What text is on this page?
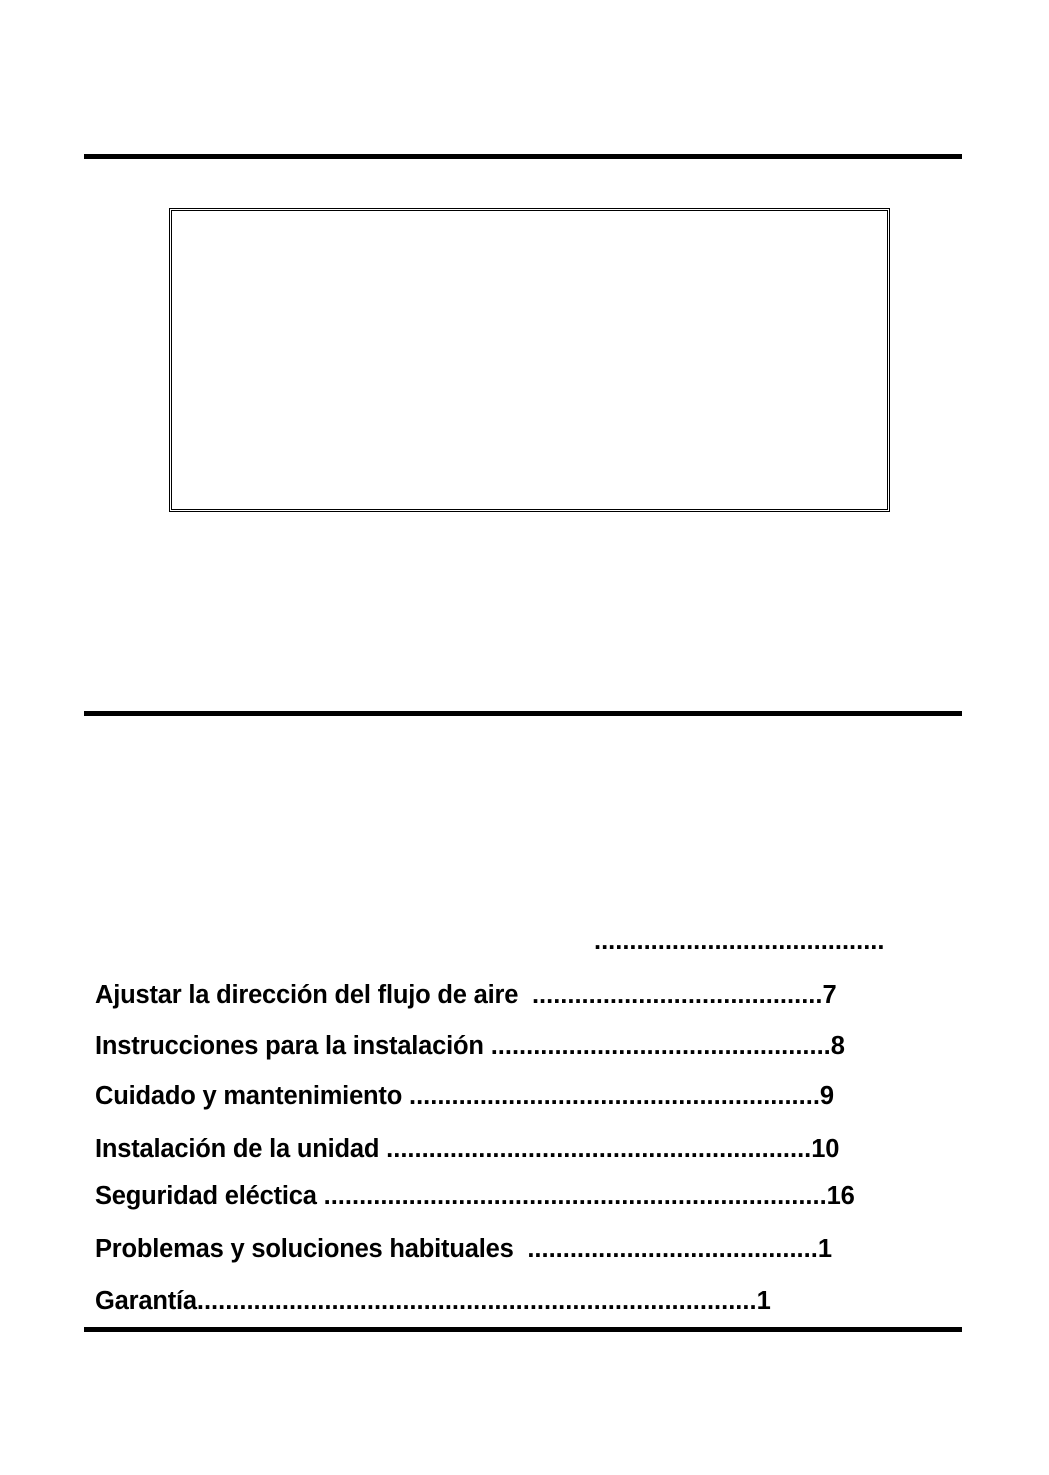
.........................................
Ajustar la dirección del flujo de aire .........................................7
Instrucciones para la instalación ................................................8
Cuidado y mantenimiento ..........................................................9
Instalación de la unidad ............................................................10
Seguridad eléctica .......................................................................16
Problemas y soluciones habituales .........................................1
Garantía...............................................................................1
